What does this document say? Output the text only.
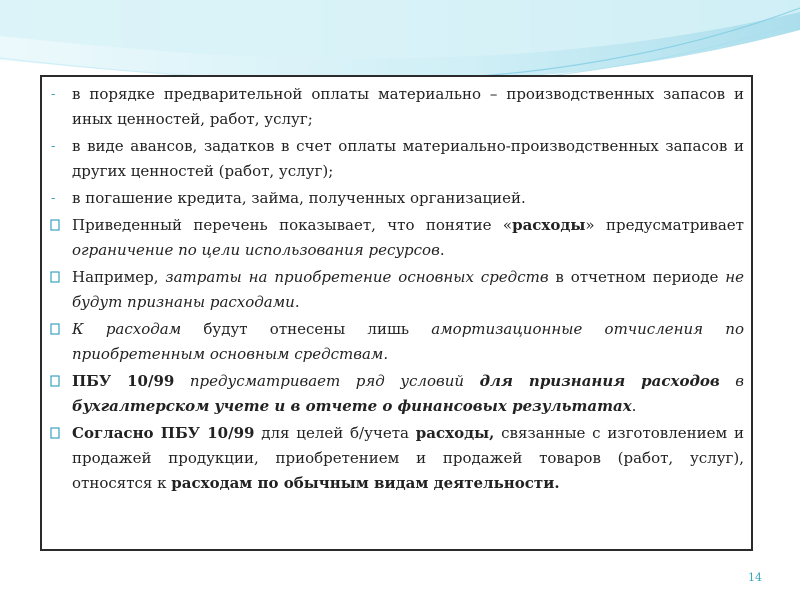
-	в порядке предварительной оплаты материально – производственных запасов и иных ценностей, работ, услуг;
-	в виде авансов, задатков в счет оплаты материально-производственных запасов и других ценностей (работ, услуг);
-	в погашение кредита, займа, полученных организацией.
Приведенный перечень показывает, что понятие «расходы» предусматривает ограничение по цели использования ресурсов.
Например, затраты на приобретение основных средств в отчетном периоде не будут признаны расходами.
К расходам будут отнесены лишь амортизационные отчисления по приобретенным основным средствам.
ПБУ 10/99 предусматривает ряд условий для признания расходов в бухгалтерском учете и в отчете о финансовых результатах.
Согласно ПБУ 10/99 для целей б/учета расходы, связанные с изготовлением и продажей продукции, приобретением и продажей товаров (работ, услуг), относятся к расходам по обычным видам деятельности.
14
